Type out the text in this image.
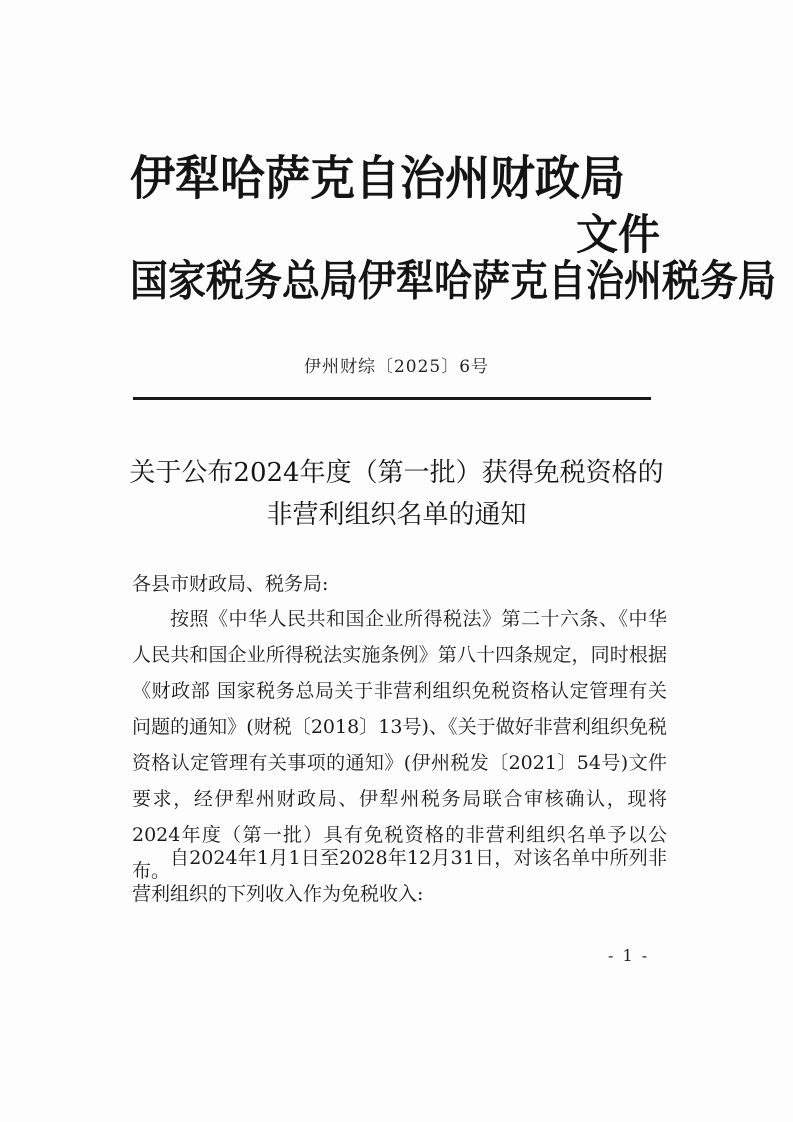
伊犁哈萨克自治州财政局
国家税务总局伊犁哈萨克自治州税务局
文件
伊州财综〔2025〕6号
关于公布2024年度（第一批）获得免税资格的
非营利组织名单的通知
各县市财政局、税务局:

按照《中华人民共和国企业所得税法》第二十六条、《中华人民共和国企业所得税法实施条例》第八十四条规定，同时根据《财政部 国家税务总局关于非营利组织免税资格认定管理有关问题的通知》(财税〔2018〕13号)、《关于做好非营利组织免税资格认定管理有关事项的通知》(伊州税发〔2021〕54号)文件要求，经伊犁州财政局、伊犁州税务局联合审核确认，现将2024年度（第一批）具有免税资格的非营利组织名单予以公布。

自2024年1月1日至2028年12月31日，对该名单中所列非营利组织的下列收入作为免税收入:

- 1 -
